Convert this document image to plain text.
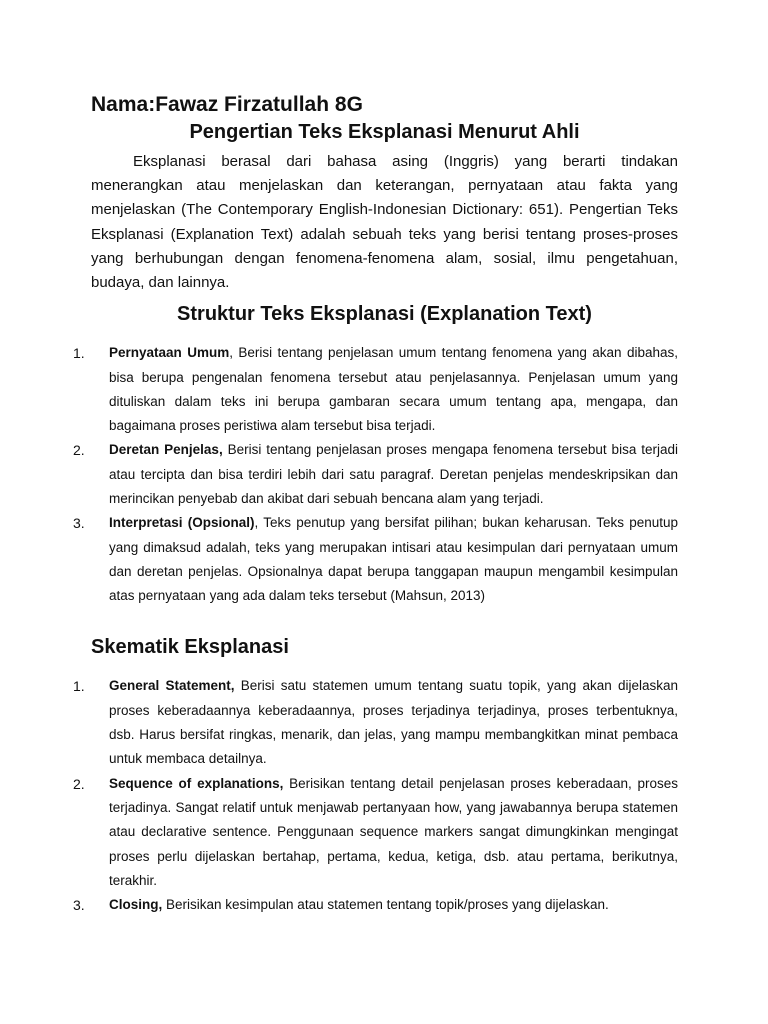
Nama:Fawaz Firzatullah 8G

Pengertian Teks Eksplanasi Menurut Ahli

Eksplanasi berasal dari bahasa asing (Inggris) yang berarti tindakan menerangkan atau menjelaskan dan keterangan, pernyataan atau fakta yang menjelaskan (The Contemporary English-Indonesian Dictionary: 651). Pengertian Teks Eksplanasi (Explanation Text) adalah sebuah teks yang berisi tentang proses-proses yang berhubungan dengan fenomena-fenomena alam, sosial, ilmu pengetahuan, budaya, dan lainnya.

Struktur Teks Eksplanasi (Explanation Text)

1.	Pernyataan Umum, Berisi tentang penjelasan umum tentang fenomena yang akan dibahas, bisa berupa pengenalan fenomena tersebut atau penjelasannya. Penjelasan umum yang dituliskan dalam teks ini berupa gambaran secara umum tentang apa, mengapa, dan bagaimana proses peristiwa alam tersebut bisa terjadi.
2.	Deretan Penjelas, Berisi tentang penjelasan proses mengapa fenomena tersebut bisa terjadi atau tercipta dan bisa terdiri lebih dari satu paragraf. Deretan penjelas mendeskripsikan dan merincikan penyebab dan akibat dari sebuah bencana alam yang terjadi.
3.	Interpretasi (Opsional), Teks penutup yang bersifat pilihan; bukan keharusan. Teks penutup yang dimaksud adalah, teks yang merupakan intisari atau kesimpulan dari pernyataan umum dan deretan penjelas. Opsionalnya dapat berupa tanggapan maupun mengambil kesimpulan atas pernyataan yang ada dalam teks tersebut (Mahsun, 2013)

Skematik Eksplanasi

1.	General Statement, Berisi satu statemen umum tentang suatu topik, yang akan dijelaskan proses keberadaannya keberadaannya, proses terjadinya terjadinya, proses terbentuknya, dsb. Harus bersifat ringkas, menarik, dan jelas, yang mampu membangkitkan minat pembaca untuk membaca detailnya.
2.	Sequence of explanations, Berisikan tentang detail penjelasan proses keberadaan, proses terjadinya. Sangat relatif untuk menjawab pertanyaan how, yang jawabannya berupa statemen atau declarative sentence. Penggunaan sequence markers sangat dimungkinkan mengingat proses perlu dijelaskan bertahap, pertama, kedua, ketiga, dsb. atau pertama, berikutnya, terakhir.
3.	Closing, Berisikan kesimpulan atau statemen tentang topik/proses yang dijelaskan.
